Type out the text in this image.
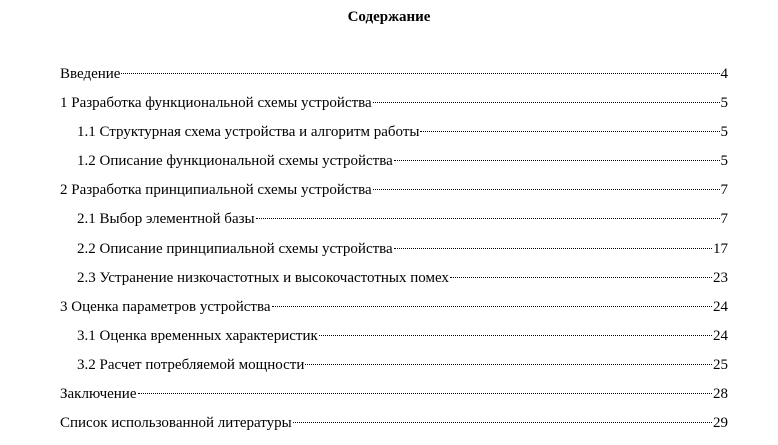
Содержание
Введение	4
1 Разработка функциональной схемы устройства	5
1.1 Структурная схема устройства и алгоритм работы	5
1.2 Описание функциональной схемы устройства	5
2 Разработка принципиальной схемы устройства	7
2.1 Выбор элементной базы	7
2.2 Описание принципиальной схемы устройства	17
2.3 Устранение низкочастотных и высокочастотных помех	23
3 Оценка параметров устройства	24
3.1 Оценка временных характеристик	24
3.2 Расчет потребляемой мощности	25
Заключение	28
Список использованной литературы	29
